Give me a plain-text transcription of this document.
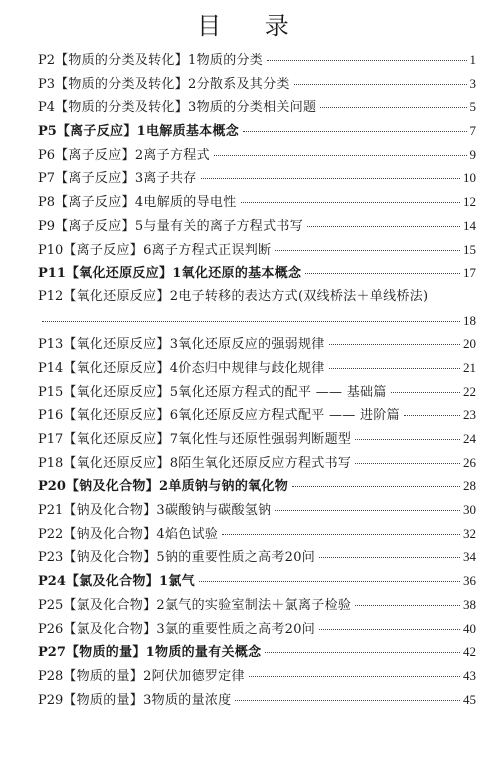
目 录
P2 【物质的分类及转化】1物质的分类	1
P3 【物质的分类及转化】2分散系及其分类	3
P4 【物质的分类及转化】3物质的分类相关问题	5
P5 【离子反应】1电解质基本概念	7
P6 【离子反应】2离子方程式	9
P7 【离子反应】3离子共存	10
P8 【离子反应】4电解质的导电性	12
P9 【离子反应】5与量有关的离子方程式书写	14
P10 【离子反应】6离子方程式正误判断	15
P11 【氧化还原反应】1氧化还原的基本概念	17
P12 【氧化还原反应】2电子转移的表达方式(双线桥法＋单线桥法)
18
P13 【氧化还原反应】3氧化还原反应的强弱规律	20
P14 【氧化还原反应】4价态归中规律与歧化规律	21
P15 【氧化还原反应】5氧化还原方程式的配平 —— 基础篇	22
P16 【氧化还原反应】6氧化还原反应方程式配平 —— 进阶篇	23
P17 【氧化还原反应】7氧化性与还原性强弱判断题型	24
P18 【氧化还原反应】8陌生氧化还原反应方程式书写	26
P20 【钠及化合物】2单质钠与钠的氧化物	28
P21 【钠及化合物】3碳酸钠与碳酸氢钠	30
P22 【钠及化合物】4焰色试验	32
P23 【钠及化合物】5钠的重要性质之高考20问	34
P24 【氯及化合物】1氯气	36
P25 【氯及化合物】2氯气的实验室制法＋氯离子检验	38
P26 【氯及化合物】3氯的重要性质之高考20问	40
P27 【物质的量】1物质的量有关概念	42
P28 【物质的量】2阿伏加德罗定律	43
P29 【物质的量】3物质的量浓度	45
